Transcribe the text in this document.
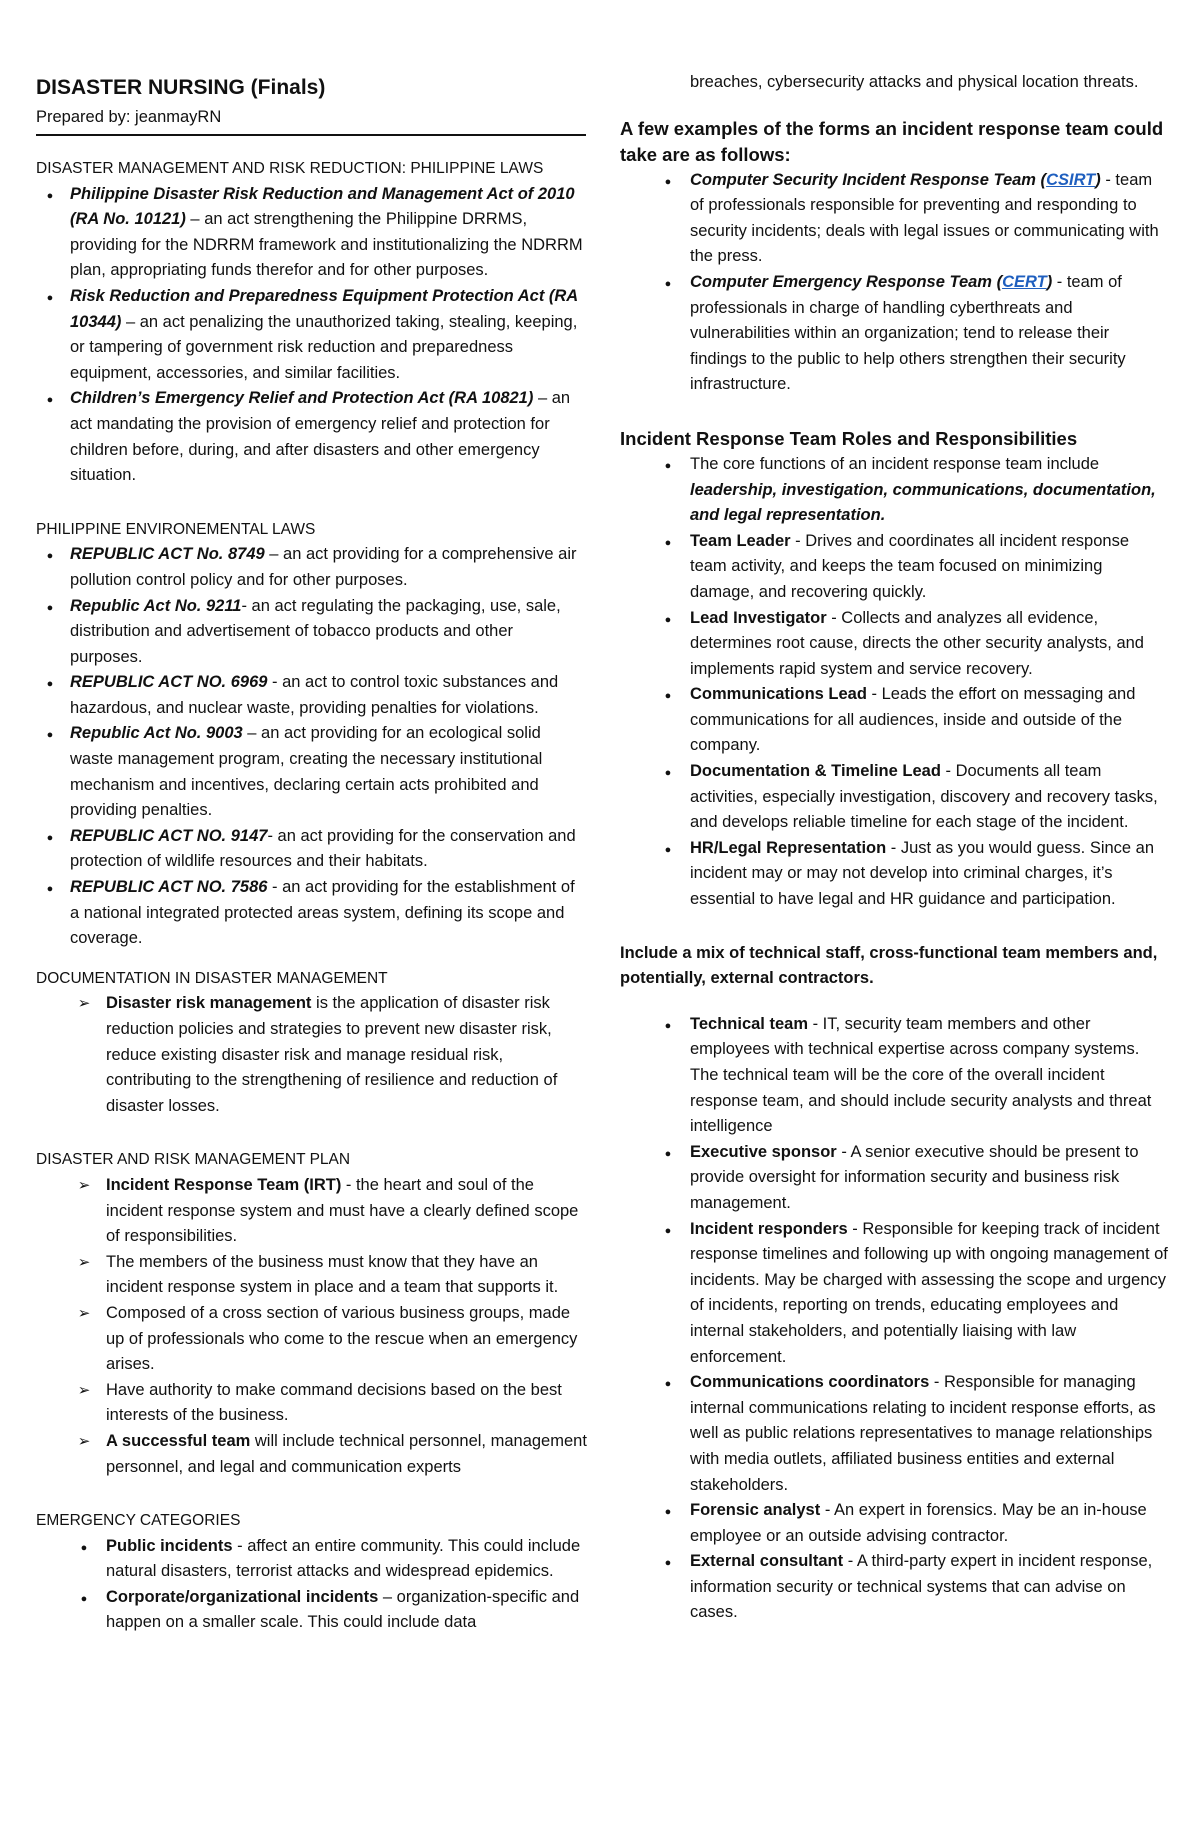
DISASTER NURSING (Finals)
Prepared by: jeanmayRN
DISASTER MANAGEMENT AND RISK REDUCTION: PHILIPPINE LAWS
●
Philippine Disaster Risk Reduction and Management Act of 2010 (RA No. 10121) – an act strengthening the Philippine DRRMS, providing for the NDRRM framework and institutionalizing the NDRRM plan, appropriating funds therefor and for other purposes.
●
Risk Reduction and Preparedness Equipment Protection Act (RA 10344) – an act penalizing the unauthorized taking, stealing, keeping, or tampering of government risk reduction and preparedness equipment, accessories, and similar facilities.
●
Children’s Emergency Relief and Protection Act (RA 10821) – an act mandating the provision of emergency relief and protection for children before, during, and after disasters and other emergency situation.
PHILIPPINE ENVIRONEMENTAL LAWS
●
REPUBLIC ACT No. 8749 – an act providing for a comprehensive air pollution control policy and for other purposes.
●
Republic Act No. 9211- an act regulating the packaging, use, sale, distribution and advertisement of tobacco products and other purposes.
●
REPUBLIC ACT NO. 6969 - an act to control toxic substances and hazardous, and nuclear waste, providing penalties for violations.
●
Republic Act No. 9003 – an act providing for an ecological solid waste management program, creating the necessary institutional mechanism and incentives, declaring certain acts prohibited and providing penalties.
●
REPUBLIC ACT NO. 9147- an act providing for the conservation and protection of wildlife resources and their habitats.
●
REPUBLIC ACT NO. 7586 - an act providing for the establishment of a national integrated protected areas system, defining its scope and coverage.
DOCUMENTATION IN DISASTER MANAGEMENT
➢
Disaster risk management is the application of disaster risk reduction policies and strategies to prevent new disaster risk, reduce existing disaster risk and manage residual risk, contributing to the strengthening of resilience and reduction of disaster losses.
DISASTER AND RISK MANAGEMENT PLAN
➢
Incident Response Team (IRT) - the heart and soul of the incident response system and must have a clearly defined scope of responsibilities.
➢
The members of the business must know that they have an incident response system in place and a team that supports it.
➢
Composed of a cross section of various business groups, made up of professionals who come to the rescue when an emergency arises.
➢
Have authority to make command decisions based on the best interests of the business.
➢
A successful team will include technical personnel, management personnel, and legal and communication experts
EMERGENCY CATEGORIES
●
Public incidents - affect an entire community. This could include natural disasters, terrorist attacks and widespread epidemics.
●
Corporate/organizational incidents – organization-specific and happen on a smaller scale. This could include data
breaches, cybersecurity attacks and physical location threats.
A few examples of the forms an incident response team could take are as follows:
●
Computer Security Incident Response Team (CSIRT) - team of professionals responsible for preventing and responding to security incidents; deals with legal issues or communicating with the press.
●
Computer Emergency Response Team (CERT) - team of professionals in charge of handling cyberthreats and vulnerabilities within an organization; tend to release their findings to the public to help others strengthen their security infrastructure.
Incident Response Team Roles and Responsibilities
●
The core functions of an incident response team include leadership, investigation, communications, documentation, and legal representation.
●
Team Leader - Drives and coordinates all incident response team activity, and keeps the team focused on minimizing damage, and recovering quickly.
●
Lead Investigator - Collects and analyzes all evidence, determines root cause, directs the other security analysts, and implements rapid system and service recovery.
●
Communications Lead - Leads the effort on messaging and communications for all audiences, inside and outside of the company.
●
Documentation & Timeline Lead - Documents all team activities, especially investigation, discovery and recovery tasks, and develops reliable timeline for each stage of the incident.
●
HR/Legal Representation - Just as you would guess. Since an incident may or may not develop into criminal charges, it’s essential to have legal and HR guidance and participation.
Include a mix of technical staff, cross-functional team members and, potentially, external contractors.
●
Technical team - IT, security team members and other employees with technical expertise across company systems. The technical team will be the core of the overall incident response team, and should include security analysts and threat intelligence
●
Executive sponsor - A senior executive should be present to provide oversight for information security and business risk management.
●
Incident responders - Responsible for keeping track of incident response timelines and following up with ongoing management of incidents. May be charged with assessing the scope and urgency of incidents, reporting on trends, educating employees and internal stakeholders, and potentially liaising with law enforcement.
●
Communications coordinators - Responsible for managing internal communications relating to incident response efforts, as well as public relations representatives to manage relationships with media outlets, affiliated business entities and external stakeholders.
●
Forensic analyst - An expert in forensics. May be an in-house employee or an outside advising contractor.
●
External consultant - A third-party expert in incident response, information security or technical systems that can advise on cases.
